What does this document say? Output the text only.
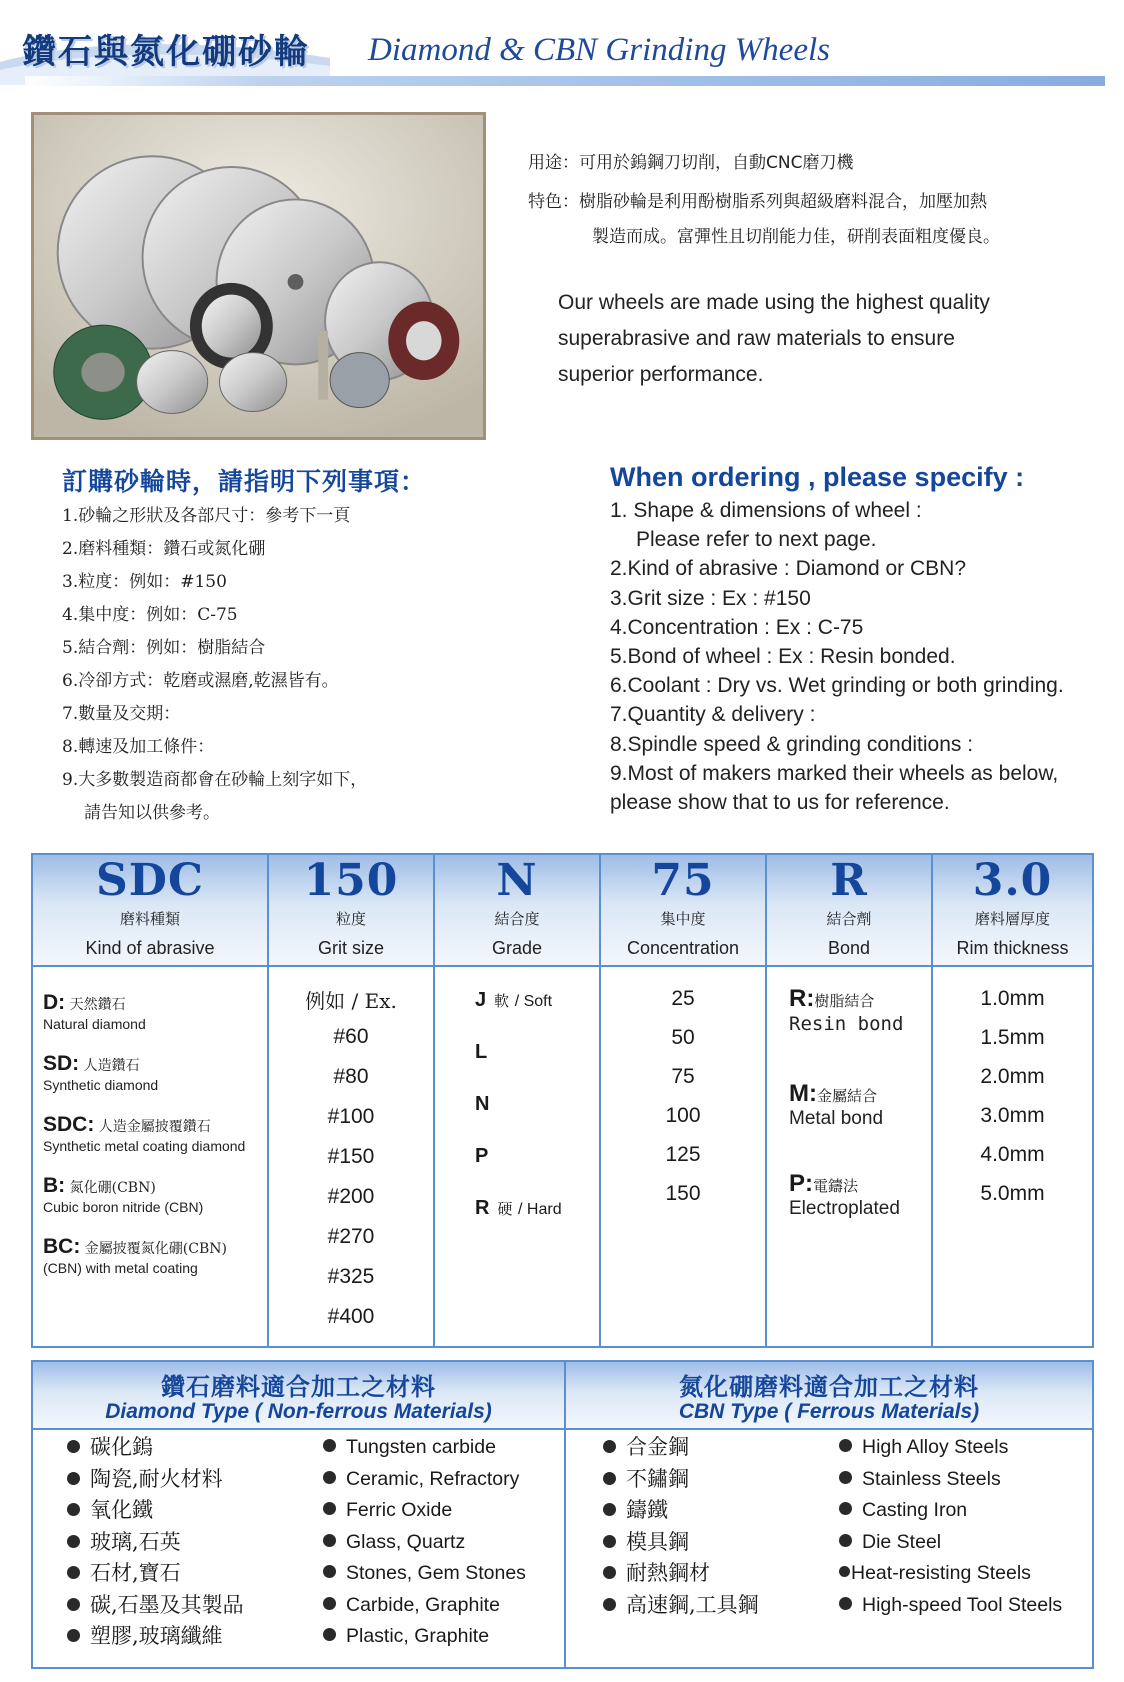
鑽石與氮化硼砂輪 Diamond & CBN Grinding Wheels
用途：可用於鎢鋼刀切削，自動CNC磨刀機
特色：樹脂砂輪是利用酚樹脂系列與超級磨料混合，加壓加熱
製造而成。富彈性且切削能力佳，研削表面粗度優良。
Our wheels are made using the highest quality
superabrasive and raw materials to ensure
superior performance.
訂購砂輪時，請指明下列事項：
1.砂輪之形狀及各部尺寸：參考下一頁
2.磨料種類：鑽石或氮化硼
3.粒度：例如：#150
4.集中度：例如：C-75
5.結合劑：例如：樹脂結合
6.冷卻方式：乾磨或濕磨,乾濕皆有。
7.數量及交期：
8.轉速及加工條件：
9.大多數製造商都會在砂輪上刻字如下，
請告知以供參考。
When ordering , please specify :
1. Shape & dimensions of wheel :
Please refer to next page.
2.Kind of abrasive : Diamond or CBN?
3.Grit size : Ex : #150
4.Concentration : Ex : C-75
5.Bond of wheel : Ex : Resin bonded.
6.Coolant : Dry vs. Wet grinding or both grinding.
7.Quantity & delivery :
8.Spindle speed & grinding conditions :
9.Most of makers marked their wheels as below,
please show that to us for reference.
SDC
磨料種類
Kind of abrasive
150
粒度
Grit size
N
結合度
Grade
75
集中度
Concentration
R
結合劑
Bond
3.0
磨料層厚度
Rim thickness
D: 天然鑽石
Natural diamond
SD: 人造鑽石
Synthetic diamond
SDC: 人造金屬披覆鑽石
Synthetic metal coating diamond
B: 氮化硼(CBN)
Cubic boron nitride (CBN)
BC: 金屬披覆氮化硼(CBN)
(CBN) with metal coating
例如 / Ex.
#60
#80
#100
#150
#200
#270
#325
#400
J 軟 / Soft
L
N
P
R 硬 / Hard
25
50
75
100
125
150
R:樹脂結合
Resin bond
M:金屬結合
Metal bond
P:電鑄法
Electroplated
1.0mm
1.5mm
2.0mm
3.0mm
4.0mm
5.0mm
鑽石磨料適合加工之材料
Diamond Type ( Non-ferrous Materials)
氮化硼磨料適合加工之材料
CBN Type ( Ferrous Materials)
碳化鎢
陶瓷,耐火材料
氧化鐵
玻璃,石英
石材,寶石
碳,石墨及其製品
塑膠,玻璃纖維
Tungsten carbide
Ceramic, Refractory
Ferric Oxide
Glass, Quartz
Stones, Gem Stones
Carbide, Graphite
Plastic, Graphite
合金鋼
不鏽鋼
鑄鐵
模具鋼
耐熱鋼材
高速鋼,工具鋼
High Alloy Steels
Stainless Steels
Casting Iron
Die Steel
Heat-resisting Steels
High-speed Tool Steels
